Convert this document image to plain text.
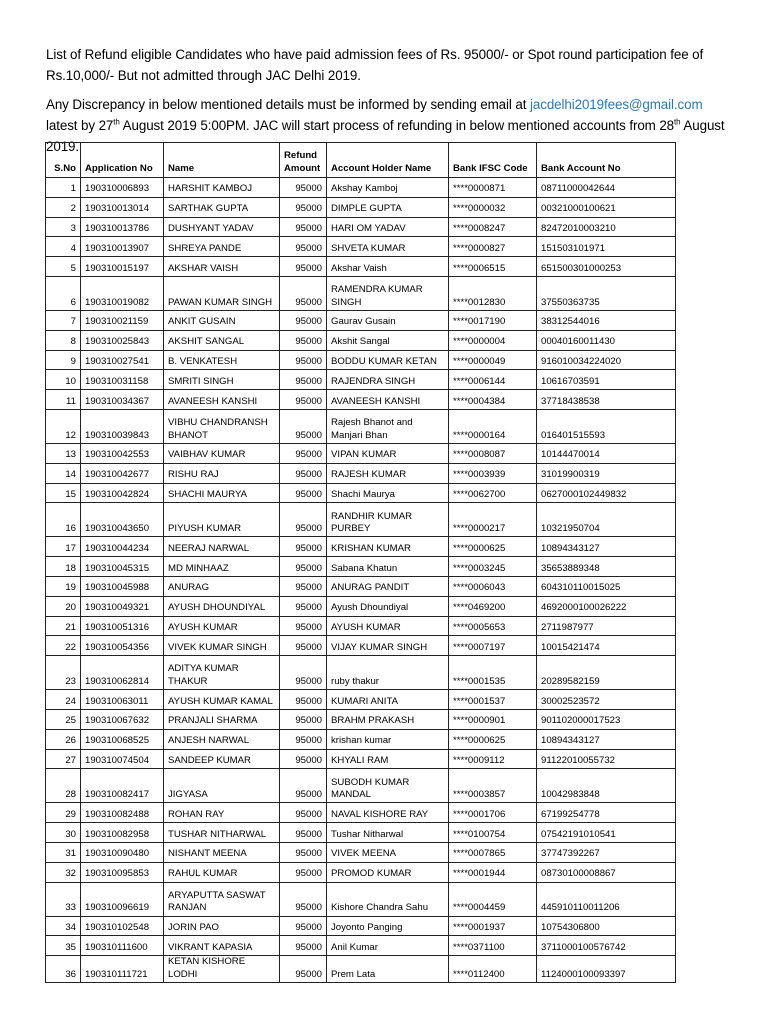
List of Refund eligible Candidates who have paid admission fees of Rs. 95000/- or Spot round participation fee of Rs.10,000/- But not admitted through JAC Delhi 2019.

Any Discrepancy in below mentioned details must be informed by sending email at jacdelhi2019fees@gmail.com latest by 27th August 2019 5:00PM. JAC will start process of refunding in below mentioned accounts from 28th August 2019.

S.No	Application No	Name	Refund Amount	Account Holder Name	Bank IFSC Code	Bank Account No
1	190310006893	HARSHIT KAMBOJ	95000	Akshay Kamboj	****0000871	08711000042644
2	190310013014	SARTHAK GUPTA	95000	DIMPLE GUPTA	****0000032	00321000100621
3	190310013786	DUSHYANT YADAV	95000	HARI OM YADAV	****0008247	82472010003210
4	190310013907	SHREYA PANDE	95000	SHVETA KUMAR	****0000827	151503101971
5	190310015197	AKSHAR VAISH	95000	Akshar Vaish	****0006515	651500301000253
6	190310019082	PAWAN KUMAR SINGH	95000	RAMENDRA KUMAR SINGH	****0012830	37550363735
7	190310021159	ANKIT GUSAIN	95000	Gaurav Gusain	****0017190	38312544016
8	190310025843	AKSHIT SANGAL	95000	Akshit Sangal	****0000004	00040160011430
9	190310027541	B. VENKATESH	95000	BODDU KUMAR KETAN	****0000049	916010034224020
10	190310031158	SMRITI SINGH	95000	RAJENDRA SINGH	****0006144	10616703591
11	190310034367	AVANEESH KANSHI	95000	AVANEESH KANSHI	****0004384	37718438538
12	190310039843	VIBHU CHANDRANSH BHANOT	95000	Rajesh Bhanot and Manjari Bhan	****0000164	016401515593
13	190310042553	VAIBHAV KUMAR	95000	VIPAN KUMAR	****0008087	10144470014
14	190310042677	RISHU RAJ	95000	RAJESH KUMAR	****0003939	31019900319
15	190310042824	SHACHI MAURYA	95000	Shachi Maurya	****0062700	0627000102449832
16	190310043650	PIYUSH KUMAR	95000	RANDHIR KUMAR PURBEY	****0000217	10321950704
17	190310044234	NEERAJ NARWAL	95000	KRISHAN KUMAR	****0000625	10894343127
18	190310045315	MD MINHAAZ	95000	Sabana Khatun	****0003245	35653889348
19	190310045988	ANURAG	95000	ANURAG PANDIT	****0006043	604310110015025
20	190310049321	AYUSH DHOUNDIYAL	95000	Ayush Dhoundiyal	****0469200	4692000100026222
21	190310051316	AYUSH KUMAR	95000	AYUSH KUMAR	****0005653	2711987977
22	190310054356	VIVEK KUMAR SINGH	95000	VIJAY KUMAR SINGH	****0007197	10015421474
23	190310062814	ADITYA KUMAR THAKUR	95000	ruby thakur	****0001535	20289582159
24	190310063011	AYUSH KUMAR KAMAL	95000	KUMARI ANITA	****0001537	30002523572
25	190310067632	PRANJALI SHARMA	95000	BRAHM PRAKASH	****0000901	901102000017523
26	190310068525	ANJESH NARWAL	95000	krishan kumar	****0000625	10894343127
27	190310074504	SANDEEP KUMAR	95000	KHYALI RAM	****0009112	91122010055732
28	190310082417	JIGYASA	95000	SUBODH KUMAR MANDAL	****0003857	10042983848
29	190310082488	ROHAN RAY	95000	NAVAL KISHORE RAY	****0001706	67199254778
30	190310082958	TUSHAR NITHARWAL	95000	Tushar Nitharwal	****0100754	07542191010541
31	190310090480	NISHANT MEENA	95000	VIVEK MEENA	****0007865	37747392267
32	190310095853	RAHUL KUMAR	95000	PROMOD KUMAR	****0001944	08730100008867
33	190310096619	ARYAPUTTA SASWAT RANJAN	95000	Kishore Chandra Sahu	****0004459	445910110011206
34	190310102548	JORIN PAO	95000	Joyonto Panging	****0001937	10754306800
35	190310111600	VIKRANT KAPASIA	95000	Anil Kumar	****0371100	3711000100576742
36	190310111721	KETAN KISHORE LODHI	95000	Prem Lata	****0112400	1124000100093397
